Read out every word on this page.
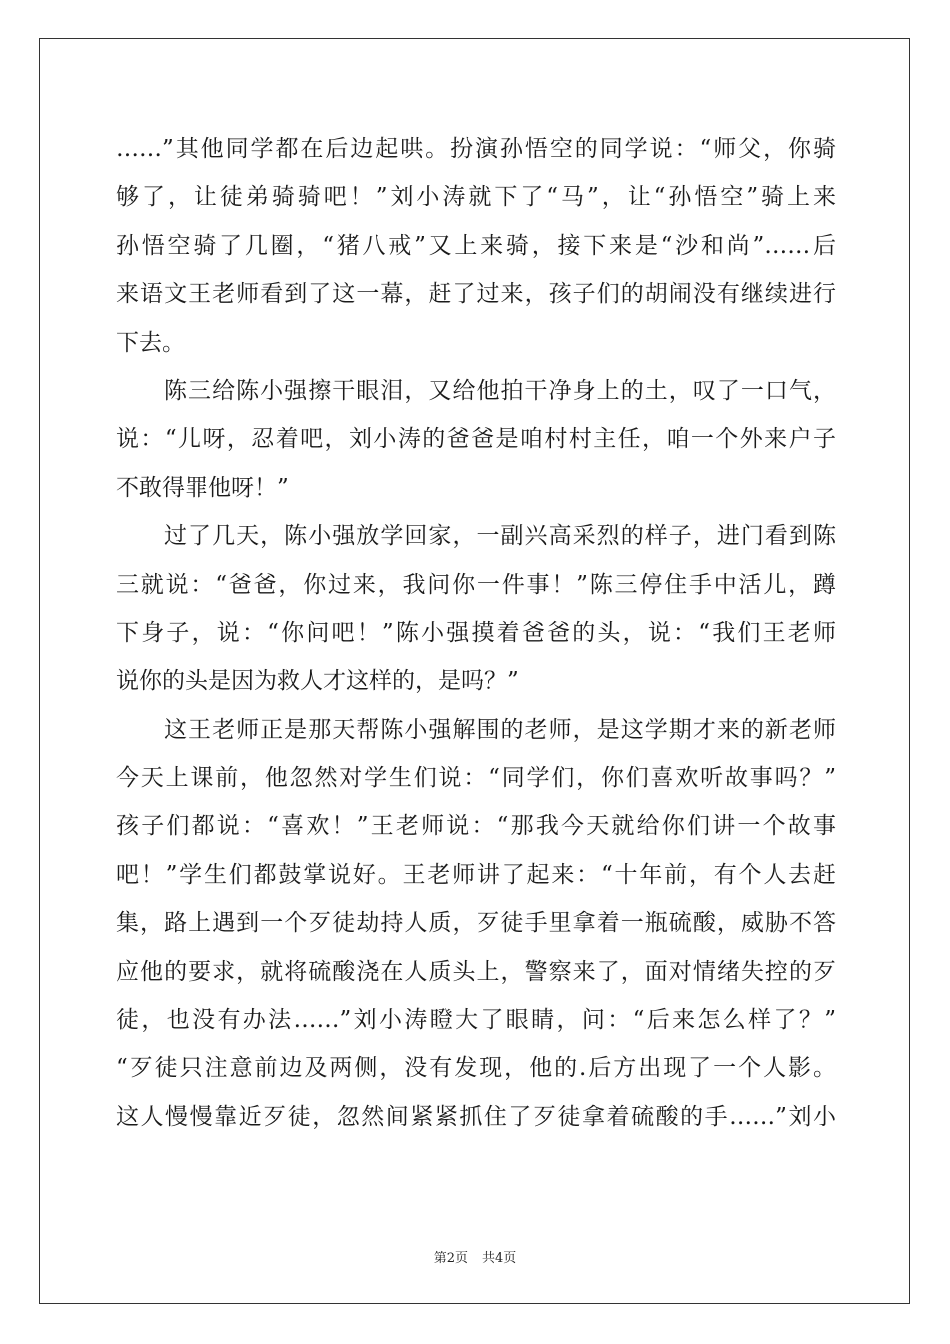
……”其他同学都在后边起哄。扮演孙悟空的同学说：“师父，你骑
够了，让徒弟骑骑吧！”刘小涛就下了“马”，让“孙悟空”骑上来
孙悟空骑了几圈，“猪八戒”又上来骑，接下来是“沙和尚”……后
来语文王老师看到了这一幕，赶了过来，孩子们的胡闹没有继续进行
下去。
陈三给陈小强擦干眼泪，又给他拍干净身上的土，叹了一口气，
说：“儿呀，忍着吧，刘小涛的爸爸是咱村村主任，咱一个外来户子
不敢得罪他呀！”
过了几天，陈小强放学回家，一副兴高采烈的样子，进门看到陈
三就说：“爸爸，你过来，我问你一件事！”陈三停住手中活儿，蹲
下身子，说：“你问吧！”陈小强摸着爸爸的头，说：“我们王老师
说你的头是因为救人才这样的，是吗？”
这王老师正是那天帮陈小强解围的老师，是这学期才来的新老师
今天上课前，他忽然对学生们说：“同学们，你们喜欢听故事吗？”
孩子们都说：“喜欢！”王老师说：“那我今天就给你们讲一个故事
吧！”学生们都鼓掌说好。王老师讲了起来：“十年前，有个人去赶
集，路上遇到一个歹徒劫持人质，歹徒手里拿着一瓶硫酸，威胁不答
应他的要求，就将硫酸浇在人质头上，警察来了，面对情绪失控的歹
徒，也没有办法……”刘小涛瞪大了眼睛，问：“后来怎么样了？”
“歹徒只注意前边及两侧，没有发现，他的.后方出现了一个人影。
这人慢慢靠近歹徒，忽然间紧紧抓住了歹徒拿着硫酸的手……”刘小
第2页 共4页
